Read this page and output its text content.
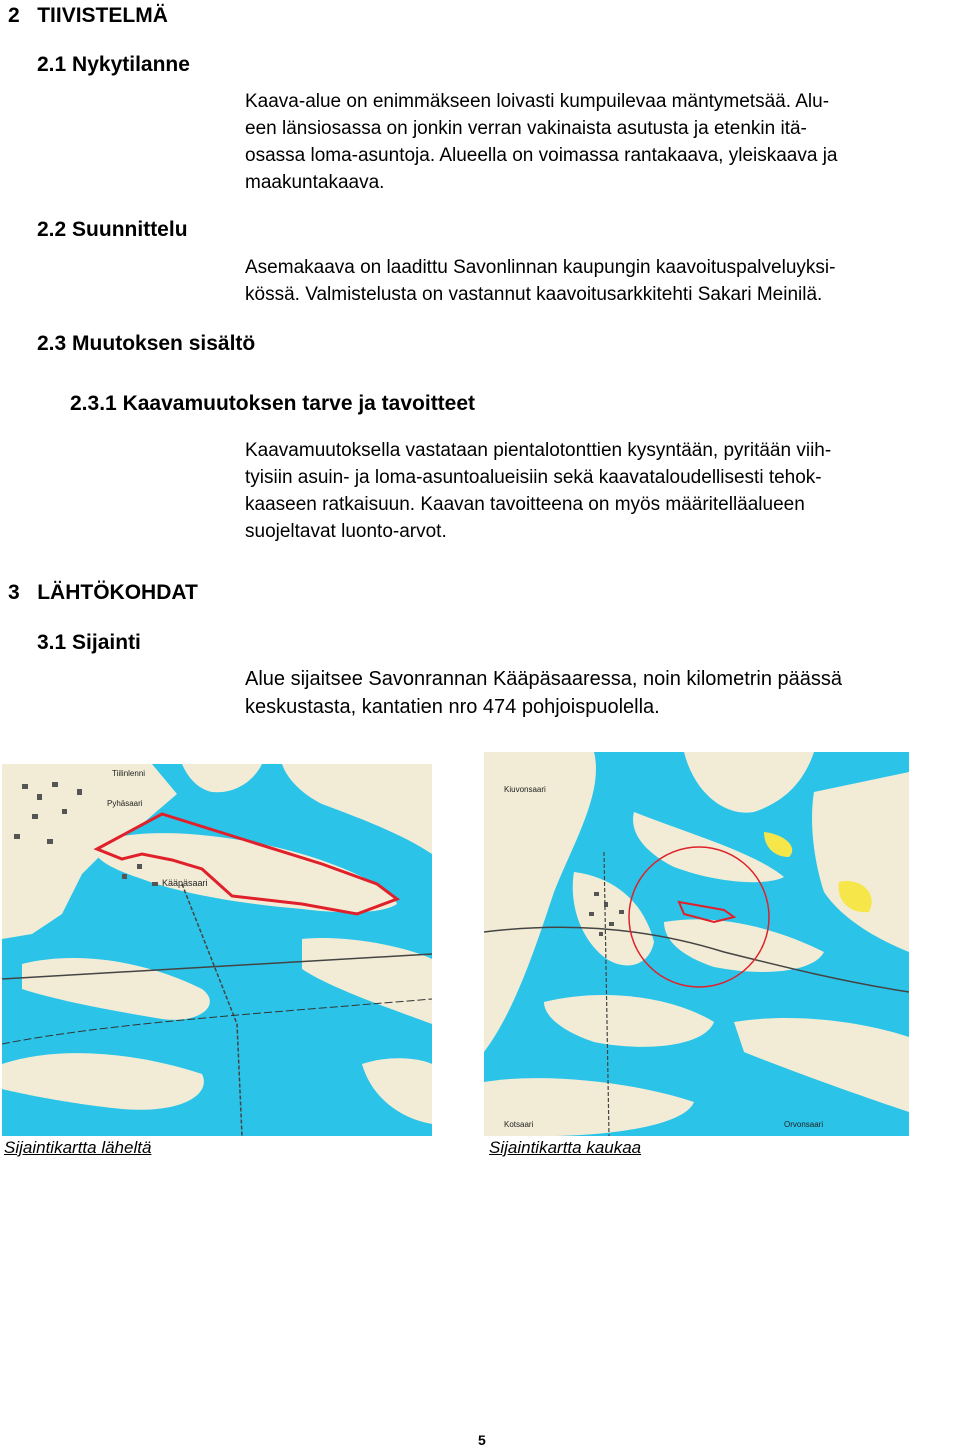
2 TIIVISTELMÄ
2.1 Nykytilanne
Kaava-alue on enimmäkseen loivasti kumpuilevaa mäntymetsää. Alu-
een länsiosassa on jonkin verran vakinaista asutusta ja etenkin itä-
osassa loma-asuntoja. Alueella on voimassa rantakaava, yleiskaava ja
maakuntakaava.
2.2 Suunnittelu
Asemakaava on laadittu Savonlinnan kaupungin kaavoituspalveluyksi-
kössä. Valmistelusta on vastannut kaavoitusarkkitehti Sakari Meinilä.
2.3 Muutoksen sisältö
2.3.1 Kaavamuutoksen tarve ja tavoitteet
Kaavamuutoksella vastataan pientalotonttien kysyntään, pyritään viih-
tyisiin asuin- ja loma-asuntoalueisiin sekä kaavataloudellisesti tehok-
kaaseen ratkaisuun. Kaavan tavoitteena on myös määritelläalueen
suojeltavat luonto-arvot.
3 LÄHTÖKOHDAT
3.1 Sijainti
Alue sijaitsee Savonrannan Kääpäsaaressa, noin kilometrin päässä
keskustasta, kantatien nro 474 pohjoispuolella.
Tiilinlenni
Pyhäsaari
Kääpäsaari
Sijaintikartta läheltä
Kiuvonsaari
Orvonsaari
Kotsaari
Sijaintikartta kaukaa
5
